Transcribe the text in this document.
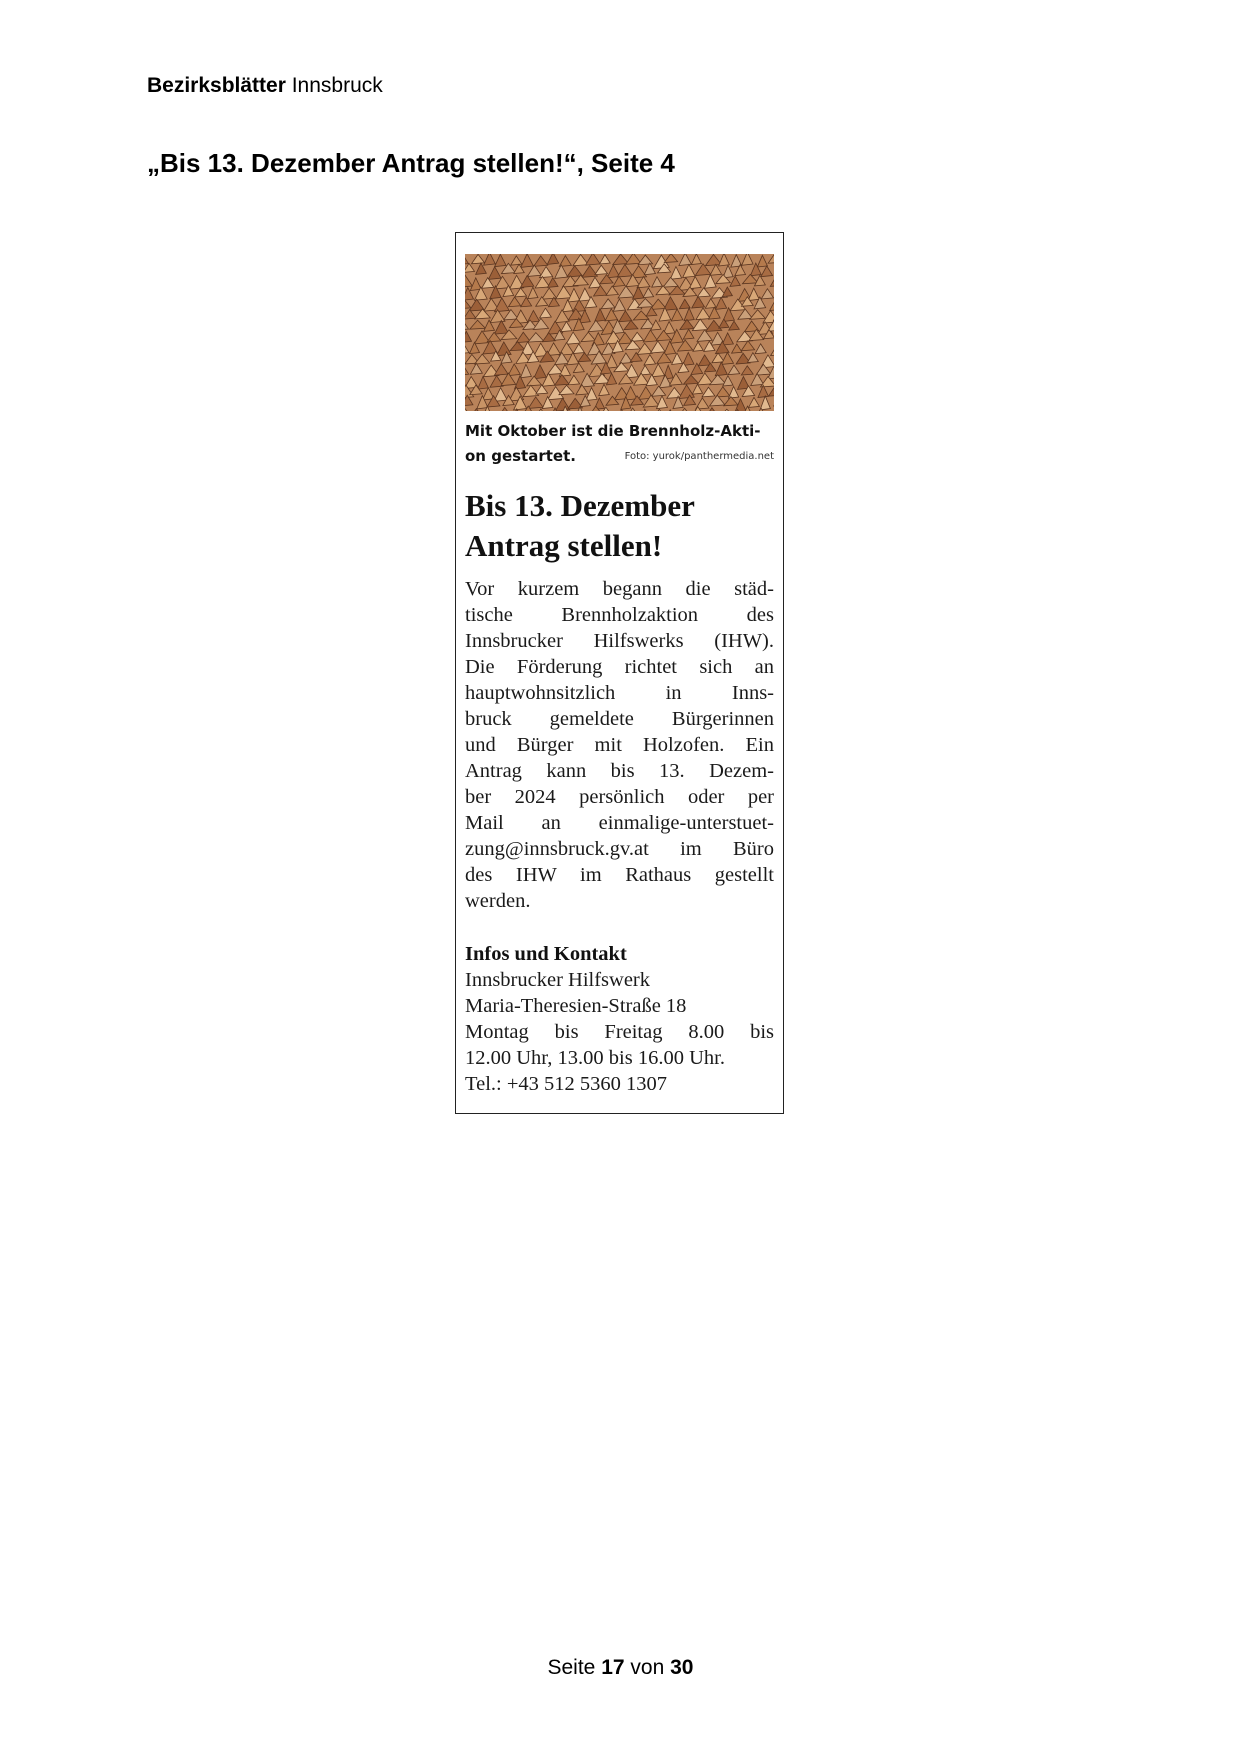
Bezirksblätter Innsbruck
„Bis 13. Dezember Antrag stellen!“, Seite 4
Mit Oktober ist die Brennholz-Akti-
on gestartet.	Foto: yurok/panthermedia.net
Bis 13. Dezember
Antrag stellen!
Vor kurzem begann die städ-
tische Brennholzaktion des
Innsbrucker Hilfswerks (IHW).
Die Förderung richtet sich an
hauptwohnsitzlich in Inns-
bruck gemeldete Bürgerinnen
und Bürger mit Holzofen. Ein
Antrag kann bis 13. Dezem-
ber 2024 persönlich oder per
Mail an einmalige-unterstuet-
zung@innsbruck.gv.at im Büro
des IHW im Rathaus gestellt
werden.
Infos und Kontakt
Innsbrucker Hilfswerk
Maria-Theresien-Straße 18
Montag bis Freitag 8.00 bis
12.00 Uhr, 13.00 bis 16.00 Uhr.
Tel.: +43 512 5360 1307
Seite 17 von 30
